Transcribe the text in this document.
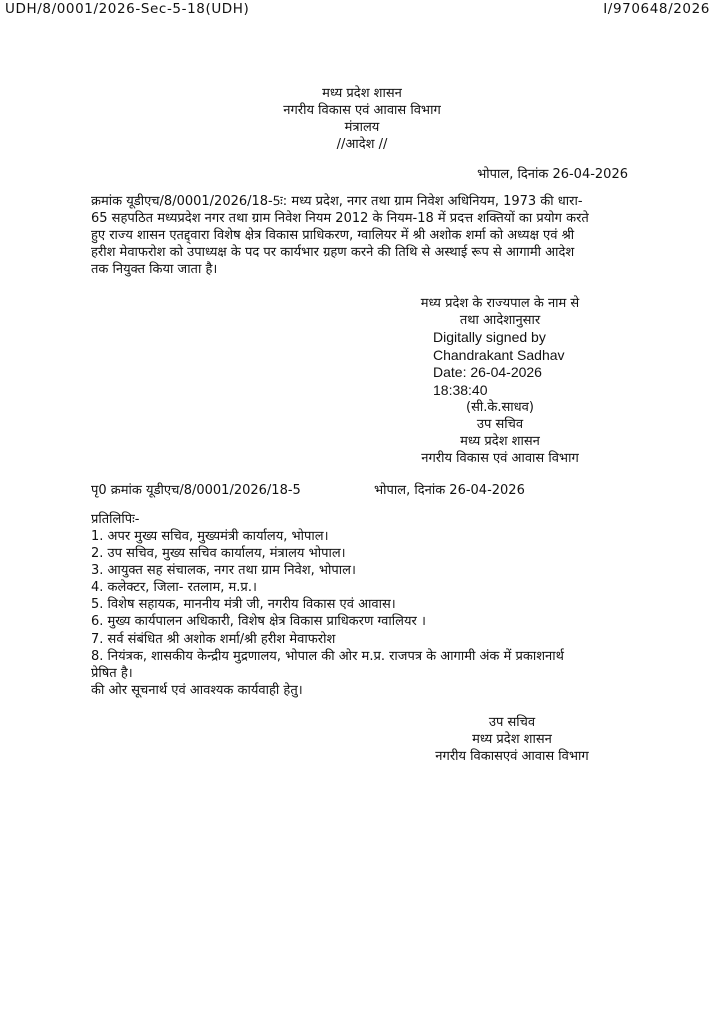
UDH/8/0001/2026-Sec-5-18(UDH)	I/970648/2026
मध्य प्रदेश शासन
नगरीय विकास एवं आवास विभाग
मंत्रालय
//आदेश //
भोपाल, दिनांक 26-04-2026
क्रमांक यूडीएच/8/0001/2026/18-5ः: मध्य प्रदेश, नगर तथा ग्राम निवेश अधिनियम, 1973 की धारा-
65 सहपठित मध्यप्रदेश नगर तथा ग्राम निवेश नियम 2012 के नियम-18 में प्रदत्त शक्तियों का प्रयोग करते
हुए राज्य शासन एतद्द्वारा विशेष क्षेत्र विकास प्राधिकरण, ग्वालियर में श्री अशोक शर्मा को अध्यक्ष एवं श्री
हरीश मेवाफरोश को उपाध्यक्ष के पद पर कार्यभार ग्रहण करने की तिथि से अस्थाई रूप से आगामी आदेश
तक नियुक्त किया जाता है।
मध्य प्रदेश के राज्यपाल के नाम से
तथा आदेशानुसार
Digitally signed by
Chandrakant Sadhav
Date: 26-04-2026
18:38:40
(सी.के.साधव)
उप सचिव
मध्य प्रदेश शासन
नगरीय विकास एवं आवास विभाग
पृ0 क्रमांक यूडीएच/8/0001/2026/18-5	भोपाल, दिनांक 26-04-2026
प्रतिलिपिः-
1. अपर मुख्य सचिव, मुख्यमंत्री कार्यालय, भोपाल।
2. उप सचिव, मुख्य सचिव कार्यालय, मंत्रालय भोपाल।
3. आयुक्त सह संचालक, नगर तथा ग्राम निवेश, भोपाल।
4. कलेक्टर, जिला- रतलाम, म.प्र.।
5. विशेष सहायक, माननीय मंत्री जी, नगरीय विकास एवं आवास।
6. मुख्य कार्यपालन अधिकारी, विशेष क्षेत्र विकास प्राधिकरण ग्वालियर ।
7. सर्व संबंधित श्री अशोक शर्मा/श्री हरीश मेवाफरोश
8. नियंत्रक, शासकीय केन्द्रीय मुद्रणालय, भोपाल की ओर म.प्र. राजपत्र के आगामी अंक में प्रकाशनार्थ
प्रेषित है।
की ओर सूचनार्थ एवं आवश्यक कार्यवाही हेतु।
उप सचिव
मध्य प्रदेश शासन
नगरीय विकासएवं आवास विभाग
